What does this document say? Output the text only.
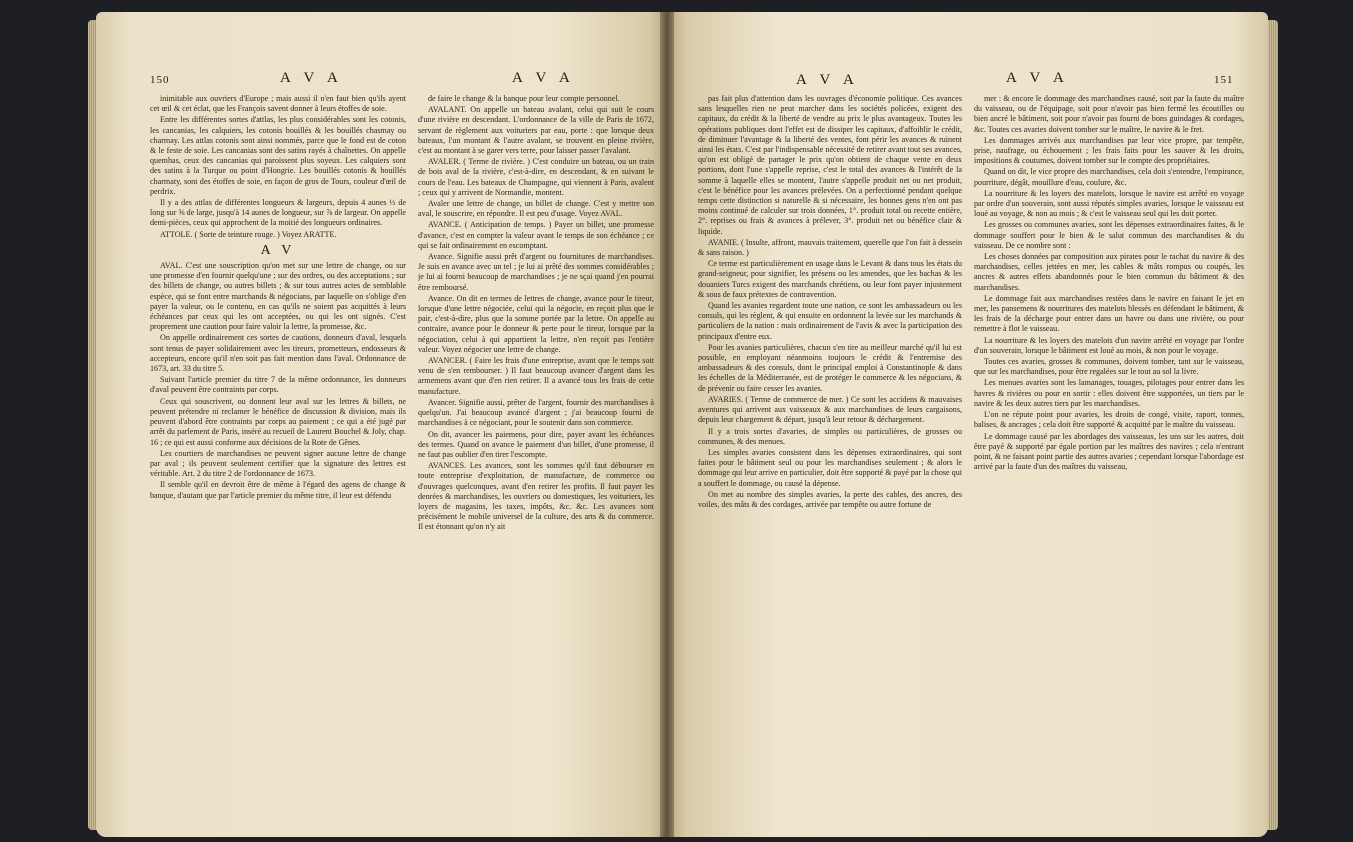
150	A V A	A V A

inimitable aux ouvriers d'Europe ; mais aussi il n'en faut bien qu'ils ayent cet œil & cet éclat, que les François savent donner à leurs étoffes de soie.

Entre les différentes sortes d'attlas, les plus considérables sont les cotonis, les cancanias, les calquiers, les cotonis bouillés & les bouillés chasmay ou charmay. Les attlas cotonis sont ainsi nommés, parce que le fond est de coton & le feste de soie. Les cancanias sont des satins rayés à chaînettes. On appelle quemhas, ceux des cancanias qui paroissent plus soyeux. Les calquiers sont des satins à la Turque ou point d'Hongrie. Les bouillés cotonis & bouillés charmaty, sont des étoffes de soie, en façon de gros de Tours, couleur d'œil de perdrix.

Il y a des attlas de différentes longueurs & largeurs, depuis 4 aunes ½ de long sur ⅝ de large, jusqu'à 14 aunes de longueur, sur ⅞ de largeur. On appelle demi-pièces, ceux qui approchent de la moitié des longueurs ordinaires.

ATTOLE. ( Sorte de teinture rouge. ) Voyez ARATTE.

A V

AVAL. C'est une souscription qu'on met sur une lettre de change, ou sur une promesse d'en fournir quelqu'une ; sur des ordres, ou des acceptations ; sur des billets de change, ou autres billets ; & sur tous autres actes de semblable espèce, qui se font entre marchands & négocians, par laquelle on s'oblige d'en payer la valeur, ou le contenu, en cas qu'ils ne soient pas acquittés à leurs échéances par ceux qui les ont acceptées, ou qui les ont signés. C'est proprement une caution pour faire valoir la lettre, la promesse, &c.

On appelle ordinairement ces sortes de cautions, donneurs d'aval, lesquels sont tenus de payer solidairement avec les tireurs, prometteurs, endosseurs & accepteurs, encore qu'il n'en soit pas fait mention dans l'aval. Ordonnance de 1673, art. 33 du titre 5.

Suivant l'article premier du titre 7 de la même ordonnance, les donneurs d'aval peuvent être contraints par corps.

Ceux qui souscrivent, ou donnent leur aval sur les lettres & billets, ne peuvent prétendre ni reclamer le bénéfice de discussion & division, mais ils peuvent d'abord être contraints par corps au paiement ; ce qui a été jugé par arrêt du parlement de Paris, inséré au recueil de Laurent Bouchel & Joly, chap. 16 ; ce qui est aussi conforme aux décisions de la Rote de Gênes.

Les courtiers de marchandises ne peuvent signer aucune lettre de change par aval ; ils peuvent seulement certifier que la signature des lettres est véritable. Art. 2 du titre 2 de l'ordonnance de 1673.

Il semble qu'il en devroit être de même à l'égard des agens de change & banque, d'autant que par l'article premier du même titre, il leur est défendu

de faire le change & la banque pour leur compte personnel.

AVALANT. On appelle un bateau avalant, celui qui suit le cours d'une rivière en descendant. L'ordonnance de la ville de Paris de 1672, servant de règlement aux voituriers par eau, porte : que lorsque deux bateaux, l'un montant & l'autre avalant, se trouvent en pleine rivière, c'est au montant à se garer vers terre, pour laisser passer l'avalant.

AVALER. ( Terme de rivière. ) C'est conduire un bateau, ou un train de bois aval de la rivière, c'est-à-dire, en descendant, & en suivant le cours de l'eau. Les bateaux de Champagne, qui viennent à Paris, avalent ; ceux qui y arrivent de Normandie, montent.

Avaler une lettre de change, un billet de change. C'est y mettre son aval, le souscrire, en répondre. Il est peu d'usage. Voyez AVAL.

AVANCE. ( Anticipation de temps. ) Payer un billet, une promesse d'avance, c'est en compter la valeur avant le temps de son échéance ; ce qui se fait ordinairement en escomptant.

Avance. Signifie aussi prêt d'argent ou fournitures de marchandises. Je suis en avance avec un tel ; je lui ai prêté des sommes considérables ; je lui ai fourni beaucoup de marchandises ; je ne sçai quand j'en pourrai être remboursé.

Avance. On dit en termes de lettres de change, avance pour le tireur, lorsque d'une lettre négociée, celui qui la négocie, en reçoit plus que le pair, c'est-à-dire, plus que la somme portée par la lettre. On appelle au contraire, avance pour le donneur & perte pour le tireur, lorsque par la négociation, celui à qui appartient la lettre, n'en reçoit pas l'entière valeur. Voyez négocier une lettre de change.

AVANCER. ( Faire les frais d'une entreprise, avant que le temps soit venu de s'en rembourser. ) Il faut beaucoup avancer d'argent dans les armemens avant que d'en rien retirer. Il a avancé tous les frais de cette manufacture.

Avancer. Signifie aussi, prêter de l'argent, fournir des marchandises à quelqu'un. J'ai beaucoup avancé d'argent ; j'ai beaucoup fourni de marchandises à ce négociant, pour le soutenir dans son commerce.

On dit, avancer les paiemens, pour dire, payer avant les échéances des termes. Quand on avance le paiement d'un billet, d'une promesse, il ne faut pas oublier d'en tirer l'escompte.

AVANCES. Les avances, sont les sommes qu'il faut débourser en toute entreprise d'exploitation, de manufacture, de commerce ou d'ouvrages quelconques, avant d'en retirer les profits. Il faut payer les denrées & marchandises, les ouvriers ou domestiques, les voituriers, les loyers de magasins, les taxes, impôts, &c. &c. Les avances sont précisément le mobile universel de la culture, des arts & du commerce. Il est étonnant qu'on n'y ait

A V A	A V A	151

pas fait plus d'attention dans les ouvrages d'économie politique. Ces avances sans lesquelles rien ne peut marcher dans les sociétés policées, exigent des capitaux, du crédit & la liberté de vendre au prix le plus avantageux. Toutes les opérations publiques dont l'effet est de dissiper les capitaux, d'affoiblir le crédit, de diminuer l'avantage & la liberté des ventes, font périr les avances & ruinent ainsi les états. C'est par l'indispensable nécessité de retirer avant tout ses avances, qu'on est obligé de partager le prix qu'on obtient de chaque vente en deux portions, dont l'une s'appelle reprise, c'est le total des avances & l'intérêt de la somme à laquelle elles se montent, l'autre s'appelle produit net ou net produit, c'est le bénéfice pour les avances prélevées. On a perfectionné pendant quelque temps cette distinction si naturelle & si nécessaire, les bonnes gens n'en ont pas moins continué de calculer sur trois données, 1°. produit total ou recette entière, 2°. reprises ou frais & avances à prélever, 3°. produit net ou bénéfice clair & liquide.

AVANIE. ( Insulte, affront, mauvais traitement, querelle que l'on fait à dessein & sans raison. )

Ce terme est particulièrement en usage dans le Levant & dans tous les états du grand-seigneur, pour signifier, les présens ou les amendes, que les bachas & les douaniers Turcs exigent des marchands chrétiens, ou leur font payer injustement & sous de faux prétextes de contravention.

Quand les avanies regardent toute une nation, ce sont les ambassadeurs ou les consuls, qui les règlent, & qui ensuite en ordonnent la levée sur les marchands & particuliers de la nation : mais ordinairement de l'avis & avec la participation des principaux d'entre eux.

Pour les avanies particulières, chacun s'en tire au meilleur marché qu'il lui est possible, en employant néanmoins toujours le crédit & l'entremise des ambassadeurs & des consuls, dont le principal emploi à Constantinople & dans les échelles de la Méditerranée, est de protéger le commerce & les négocians, & de prévenir ou faire cesser les avanies.

AVARIES. ( Terme de commerce de mer. ) Ce sont les accidens & mauvaises aventures qui arrivent aux vaisseaux & aux marchandises de leurs cargaisons, depuis leur chargement & départ, jusqu'à leur retour & déchargement.

Il y a trois sortes d'avaries, de simples ou particulières, de grosses ou communes, & des menues.

Les simples avaries consistent dans les dépenses extraordinaires, qui sont faites pour le bâtiment seul ou pour les marchandises seulement ; & alors le dommage qui leur arrive en particulier, doit être supporté & payé par la chose qui a souffert le dommage, ou causé la dépense.

On met au nombre des simples avaries, la perte des cables, des ancres, des voiles, des mâts & des cordages, arrivée par tempête ou autre fortune de

mer : & encore le dommage des marchandises causé, soit par la faute du maître du vaisseau, ou de l'équipage, soit pour n'avoir pas bien fermé les écoutilles ou bien ancré le bâtiment, soit pour n'avoir pas fourni de bons guindages & cordages, &c. Toutes ces avaries doivent tomber sur le maître, le navire & le fret.

Les dommages arrivés aux marchandises par leur vice propre, par tempête, prise, naufrage, ou échouement ; les frais faits pour les sauver & les droits, impositions & coutumes, doivent tomber sur le compte des propriétaires.

Quand on dit, le vice propre des marchandises, cela doit s'entendre, l'empirance, pourriture, dégât, mouillure d'eau, coulure, &c.

La nourriture & les loyers des matelots, lorsque le navire est arrêté en voyage par ordre d'un souverain, sont aussi réputés simples avaries, lorsque le vaisseau est loué au voyage, & non au mois ; & c'est le vaisseau seul qui les doit porter.

Les grosses ou communes avaries, sont les dépenses extraordinaires faites, & le dommage souffert pour le bien & le salut commun des marchandises & du vaisseau. De ce nombre sont :

Les choses données par composition aux pirates pour le rachat du navire & des marchandises, celles jettées en mer, les cables & mâts rompus ou coupés, les ancres & autres effets abandonnés pour le bien commun du bâtiment & des marchandises.

Le dommage fait aux marchandises restées dans le navire en faisant le jet en mer, les pansemens & nourritures des matelots blessés en défendant le bâtiment, & les frais de la décharge pour entrer dans un havre ou dans une rivière, ou pour remettre à flot le vaisseau.

La nourriture & les loyers des matelots d'un navire arrêté en voyage par l'ordre d'un souverain, lorsque le bâtiment est loué au mois, & non pour le voyage.

Toutes ces avaries, grosses & communes, doivent tomber, tant sur le vaisseau, que sur les marchandises, pour être regalées sur le tout au sol la livre.

Les menues avaries sont les lamanages, touages, pilotages pour entrer dans les havres & rivières ou pour en sortir : elles doivent être supportées, un tiers par le navire & les deux autres tiers par les marchandises.

L'on ne répute point pour avaries, les droits de congé, visite, raport, tonnes, balises, & ancrages ; cela doit être supporté & acquitté par le maître du vaisseau.

Le dommage causé par les abordages des vaisseaux, les uns sur les autres, doit être payé & supporté par égale portion par les maîtres des navires ; cela n'entrant point, & ne faisant point partie des autres avaries ; cependant lorsque l'abordage est arrivé par la faute d'un des maîtres du vaisseau,
